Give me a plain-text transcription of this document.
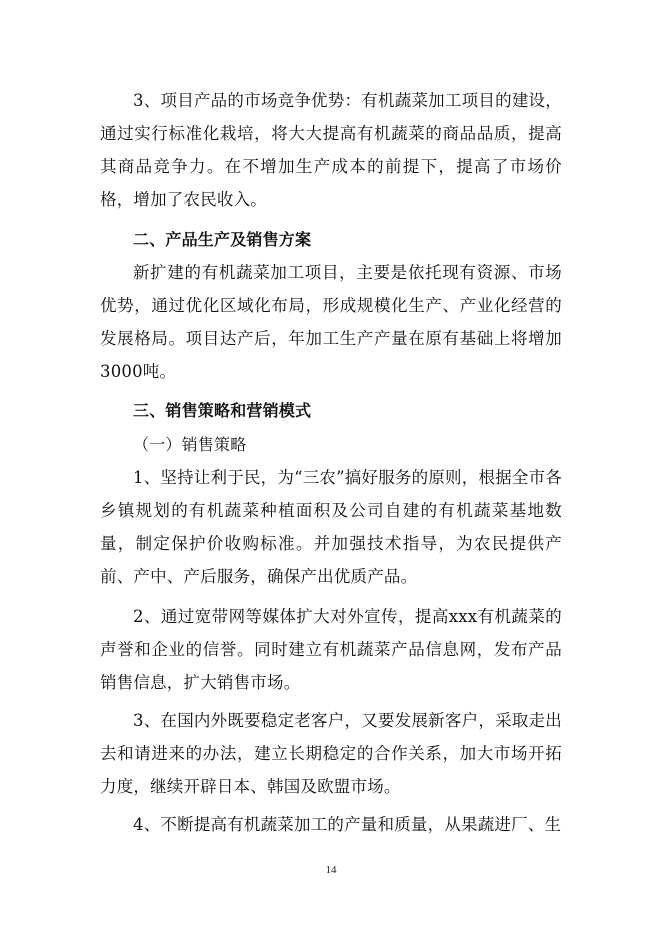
3、项目产品的市场竞争优势：有机蔬菜加工项目的建设，通过实行标准化栽培，将大大提高有机蔬菜的商品品质，提高其商品竞争力。在不增加生产成本的前提下，提高了市场价格，增加了农民收入。

二、产品生产及销售方案

新扩建的有机蔬菜加工项目，主要是依托现有资源、市场优势，通过优化区域化布局，形成规模化生产、产业化经营的发展格局。项目达产后，年加工生产产量在原有基础上将增加3000吨。

三、销售策略和营销模式

（一）销售策略

1、坚持让利于民，为“三农”搞好服务的原则，根据全市各乡镇规划的有机蔬菜种植面积及公司自建的有机蔬菜基地数量，制定保护价收购标准。并加强技术指导，为农民提供产前、产中、产后服务，确保产出优质产品。

2、通过宽带网等媒体扩大对外宣传，提高xxx有机蔬菜的声誉和企业的信誉。同时建立有机蔬菜产品信息网，发布产品销售信息，扩大销售市场。

3、在国内外既要稳定老客户，又要发展新客户，采取走出去和请进来的办法，建立长期稳定的合作关系，加大市场开拓力度，继续开辟日本、韩国及欧盟市场。

4、不断提高有机蔬菜加工的产量和质量，从果蔬进厂、生

14
